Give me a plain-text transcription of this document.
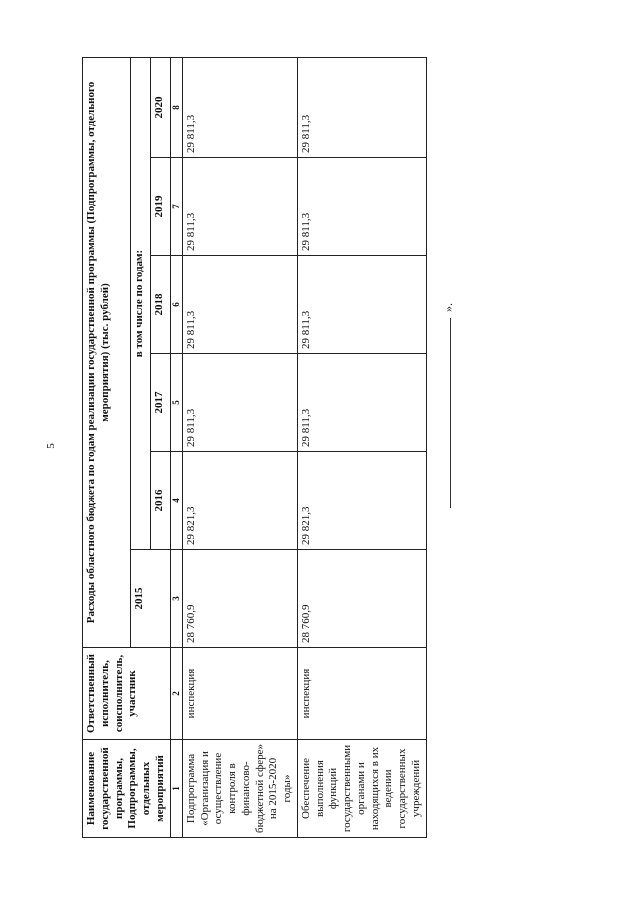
5
Наименование государственной программы, Подпрограммы, отдельных мероприятий	Ответственный исполнитель, соисполнитель, участник	Расходы областного бюджета по годам реализации государственной программы (Подпрограммы, отдельного мероприятия) (тыс. рублей)					
		2015	в том числе по годам:				
			2016	2017	2018	2019	2020
1	2	3	4	5	6	7	8
Подпрограмма «Организация и осуществление контроля в финансово-бюджетной сфере» на 2015-2020 годы»	инспекция	28 760,9	29 821,3	29 811,3	29 811,3	29 811,3	29 811,3
Обеспечение выполнения функций государственными органами и находящихся в их ведении государственных учреждений	инспекция	28 760,9	29 821,3	29 811,3	29 811,3	29 811,3	29 811,3
».
